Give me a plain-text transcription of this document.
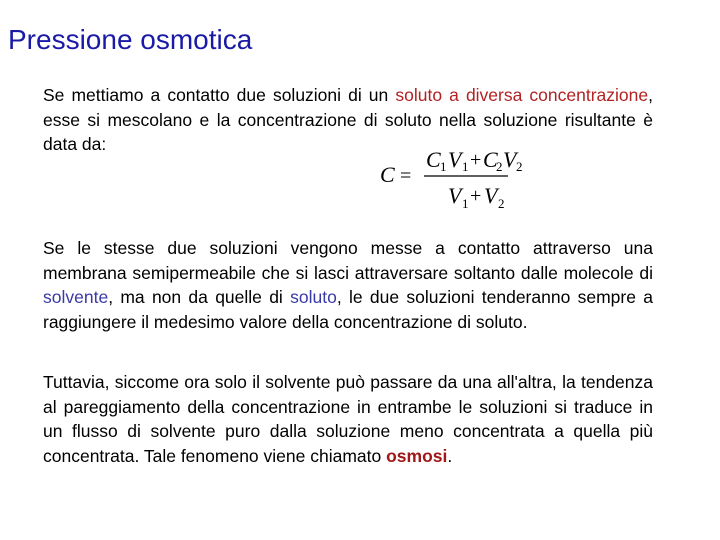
Pressione osmotica

Se mettiamo a contatto due soluzioni di un soluto a diversa concentrazione, esse si mescolano e la concentrazione di soluto nella soluzione risultante è data da:

C =
C 1 V 1 + C
2 V 2
V 1 + V 2

Se le stesse due soluzioni vengono messe a contatto attraverso una membrana semipermeabile che si lasci attraversare soltanto dalle molecole di solvente, ma non da quelle di soluto, le due soluzioni tenderanno sempre a raggiungere il medesimo valore della concentrazione di soluto.

Tuttavia, siccome ora solo il solvente può passare da una all'altra, la tendenza al pareggiamento della concentrazione in entrambe le soluzioni si traduce in un flusso di solvente puro dalla soluzione meno concentrata a quella più concentrata. Tale fenomeno viene chiamato osmosi.
